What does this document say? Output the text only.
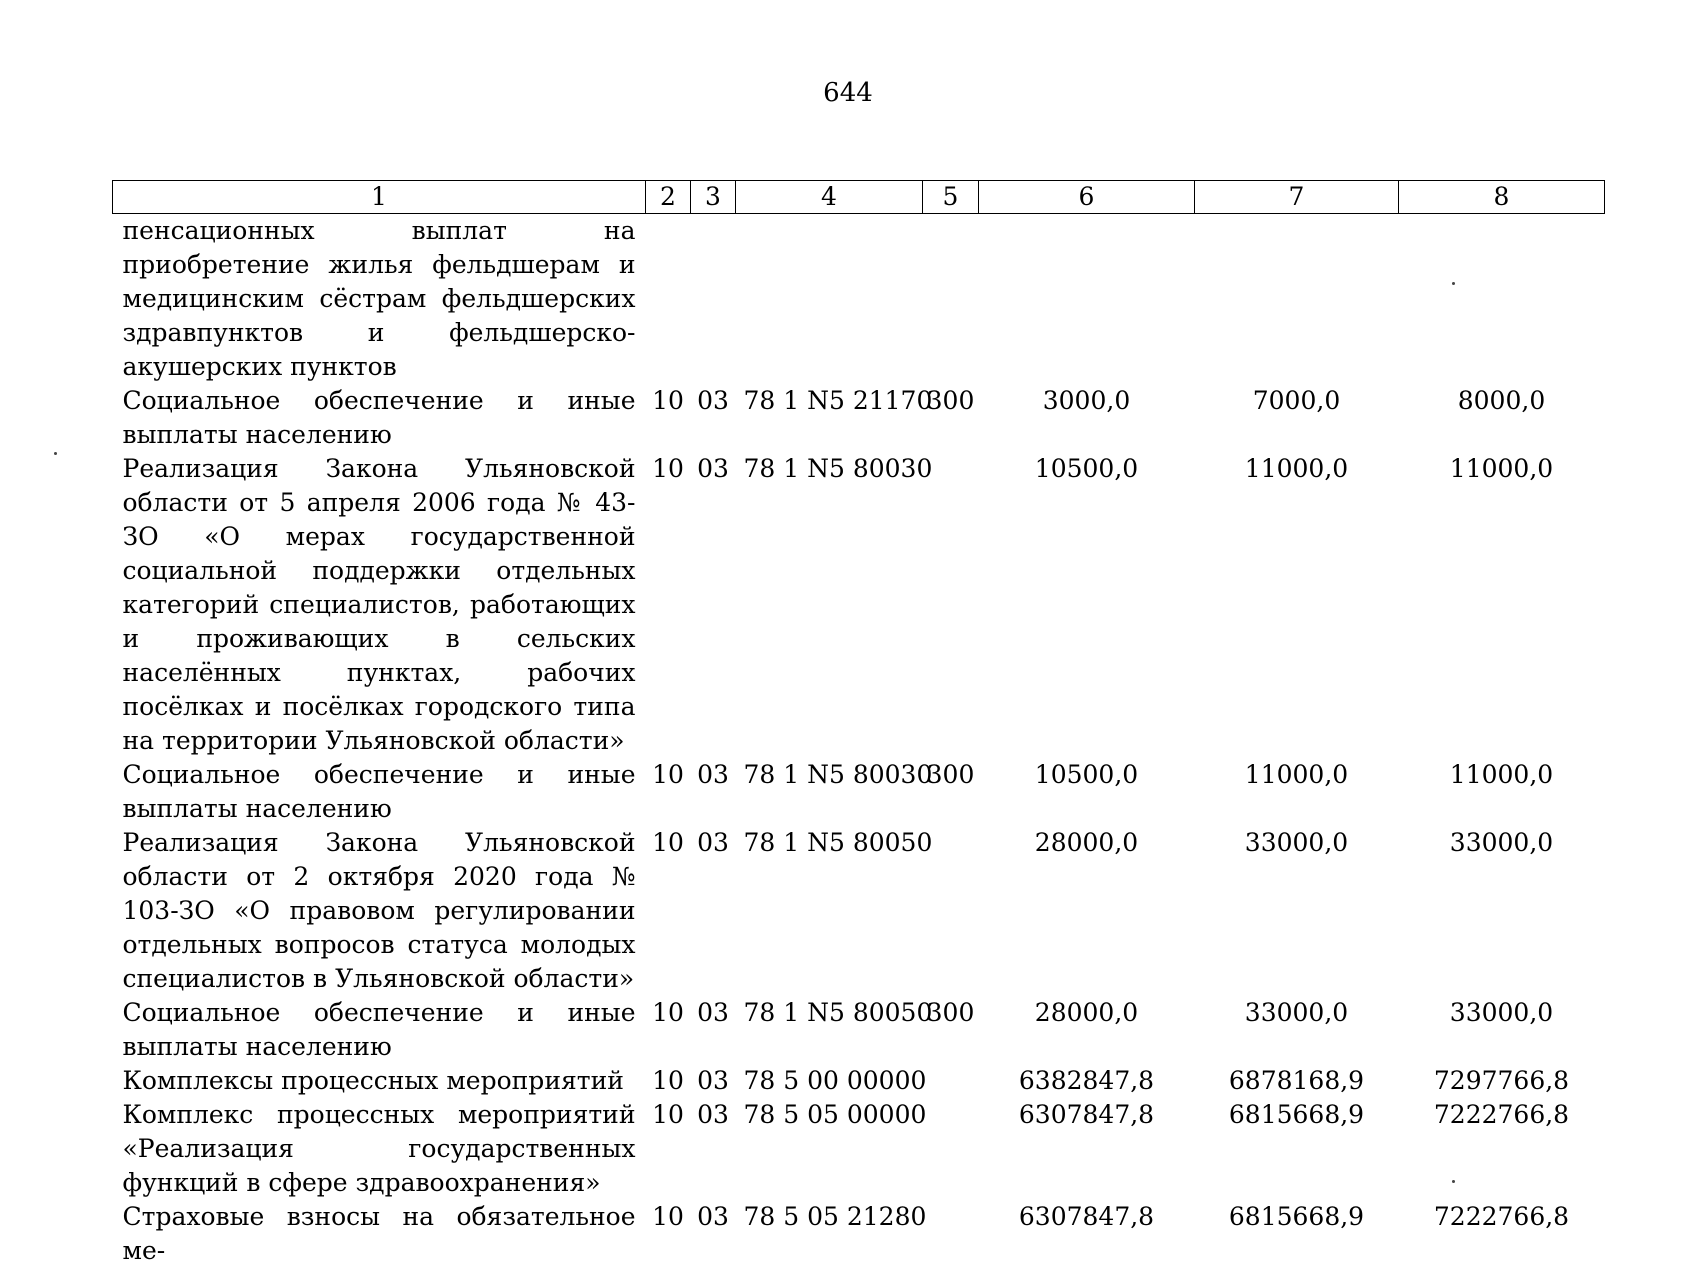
644
1	2	3	4	5	6	7	8
пенсационных выплат на приобретение жилья фельдшерам и медицинским сёстрам фельдшерских здравпунктов и фельдшерско-акушерских пунктов							
Социальное обеспечение и иные выплаты населению	10	03	78 1 N5 21170	300	3000,0	7000,0	8000,0
Реализация Закона Ульяновской области от 5 апреля 2006 года № 43-ЗО «О мерах государственной социальной поддержки отдельных категорий специалистов, работающих и проживающих в сельских населённых пунктах, рабочих посёлках и посёлках городского типа на территории Ульяновской области»	10	03	78 1 N5 80030		10500,0	11000,0	11000,0
Социальное обеспечение и иные выплаты населению	10	03	78 1 N5 80030	300	10500,0	11000,0	11000,0
Реализация Закона Ульяновской области от 2 октября 2020 года № 103-ЗО «О правовом регулировании отдельных вопросов статуса молодых специалистов в Ульяновской области»	10	03	78 1 N5 80050		28000,0	33000,0	33000,0
Социальное обеспечение и иные выплаты населению	10	03	78 1 N5 80050	300	28000,0	33000,0	33000,0
Комплексы процессных мероприятий	10	03	78 5 00 00000		6382847,8	6878168,9	7297766,8
Комплекс процессных мероприятий «Реализация государственных функций в сфере здравоохранения»	10	03	78 5 05 00000		6307847,8	6815668,9	7222766,8
Страховые взносы на обязательное ме-	10	03	78 5 05 21280		6307847,8	6815668,9	7222766,8
